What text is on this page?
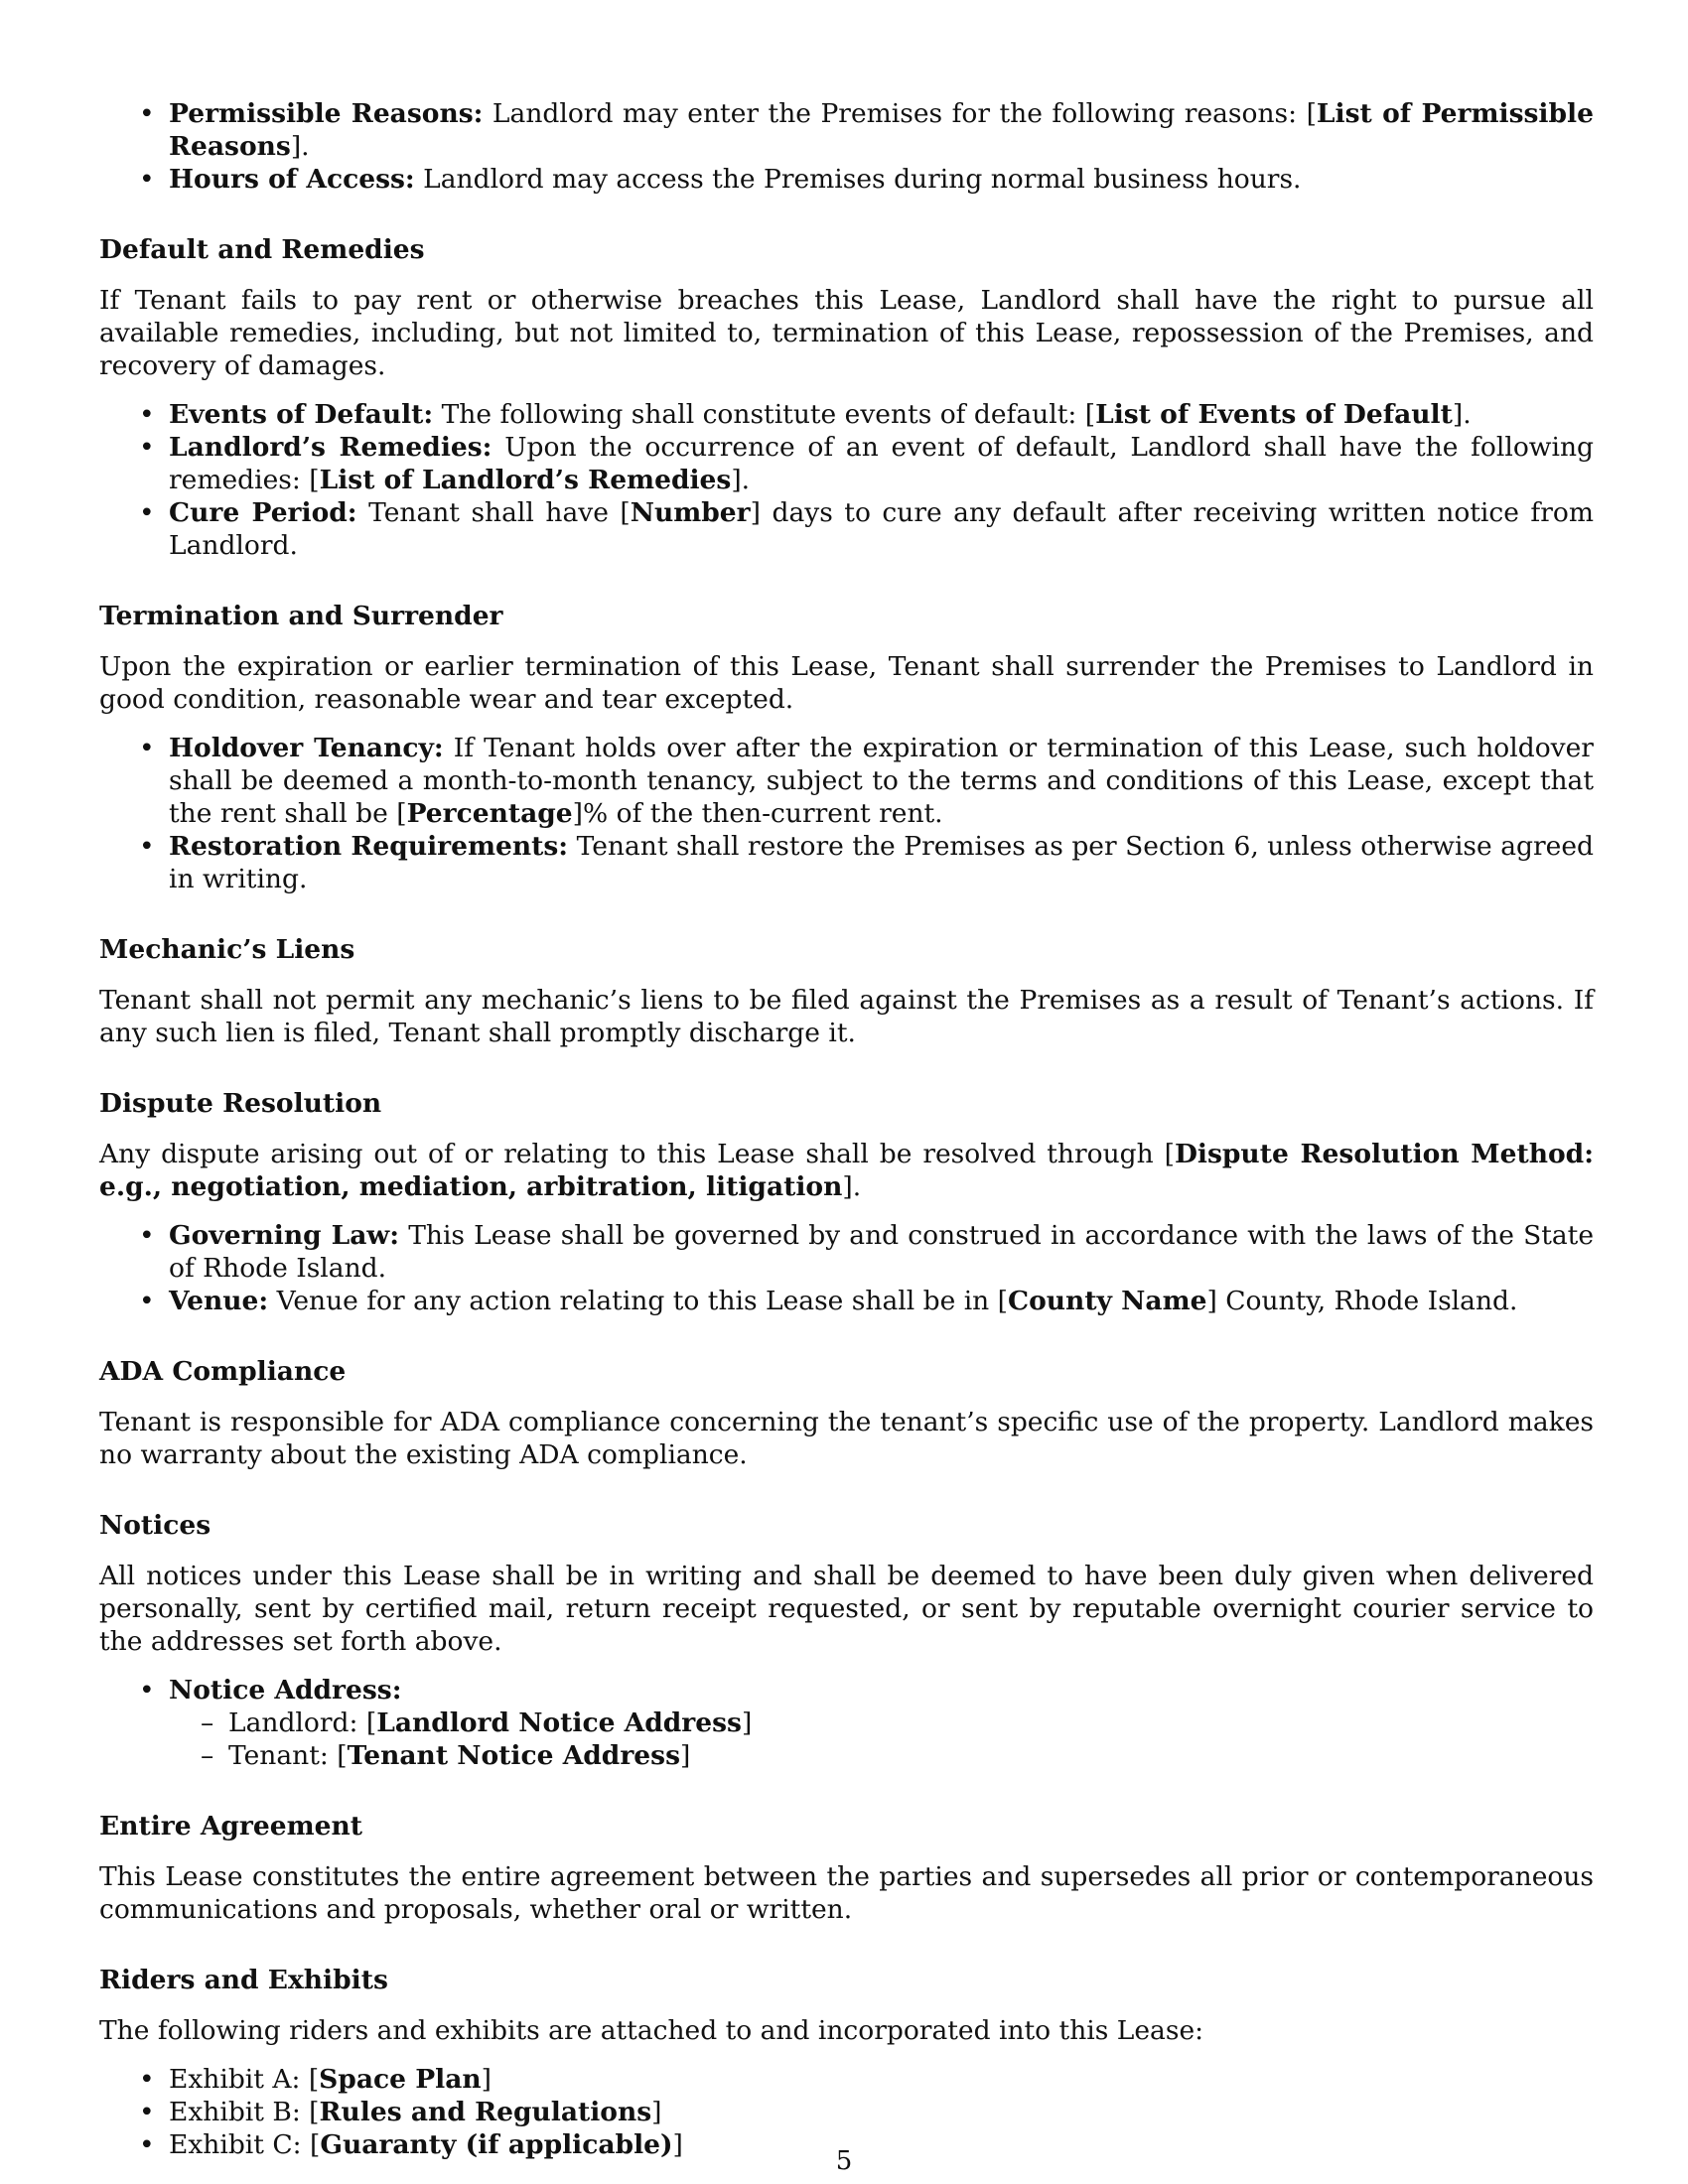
• Permissible Reasons: Landlord may enter the Premises for the following reasons: [List of Permissible Reasons].
• Hours of Access: Landlord may access the Premises during normal business hours.
Default and Remedies

If Tenant fails to pay rent or otherwise breaches this Lease, Landlord shall have the right to pursue all available remedies, including, but not limited to, termination of this Lease, repossession of the Premises, and recovery of damages.

• Events of Default: The following shall constitute events of default: [List of Events of Default].
• Landlord’s Remedies: Upon the occurrence of an event of default, Landlord shall have the following remedies: [List of Landlord’s Remedies].
• Cure Period: Tenant shall have [Number] days to cure any default after receiving written notice from Landlord.
Termination and Surrender

Upon the expiration or earlier termination of this Lease, Tenant shall surrender the Premises to Landlord in good condition, reasonable wear and tear excepted.

• Holdover Tenancy: If Tenant holds over after the expiration or termination of this Lease, such holdover shall be deemed a month-to-month tenancy, subject to the terms and conditions of this Lease, except that the rent shall be [Percentage]% of the then-current rent.
• Restoration Requirements: Tenant shall restore the Premises as per Section 6, unless otherwise agreed in writing.
Mechanic’s Liens

Tenant shall not permit any mechanic’s liens to be filed against the Premises as a result of Tenant’s actions. If any such lien is filed, Tenant shall promptly discharge it.

Dispute Resolution

Any dispute arising out of or relating to this Lease shall be resolved through [Dispute Resolution Method: e.g., negotiation, mediation, arbitration, litigation].

• Governing Law: This Lease shall be governed by and construed in accordance with the laws of the State of Rhode Island.
• Venue: Venue for any action relating to this Lease shall be in [County Name] County, Rhode Island.
ADA Compliance

Tenant is responsible for ADA compliance concerning the tenant’s specific use of the property. Landlord makes no warranty about the existing ADA compliance.

Notices

All notices under this Lease shall be in writing and shall be deemed to have been duly given when delivered personally, sent by certified mail, return receipt requested, or sent by reputable overnight courier service to the addresses set forth above.

• Notice Address:
– Landlord: [Landlord Notice Address]
– Tenant: [Tenant Notice Address]
Entire Agreement

This Lease constitutes the entire agreement between the parties and supersedes all prior or contemporaneous communications and proposals, whether oral or written.

Riders and Exhibits

The following riders and exhibits are attached to and incorporated into this Lease:

• Exhibit A: [Space Plan]
• Exhibit B: [Rules and Regulations]
• Exhibit C: [Guaranty (if applicable)]
5
